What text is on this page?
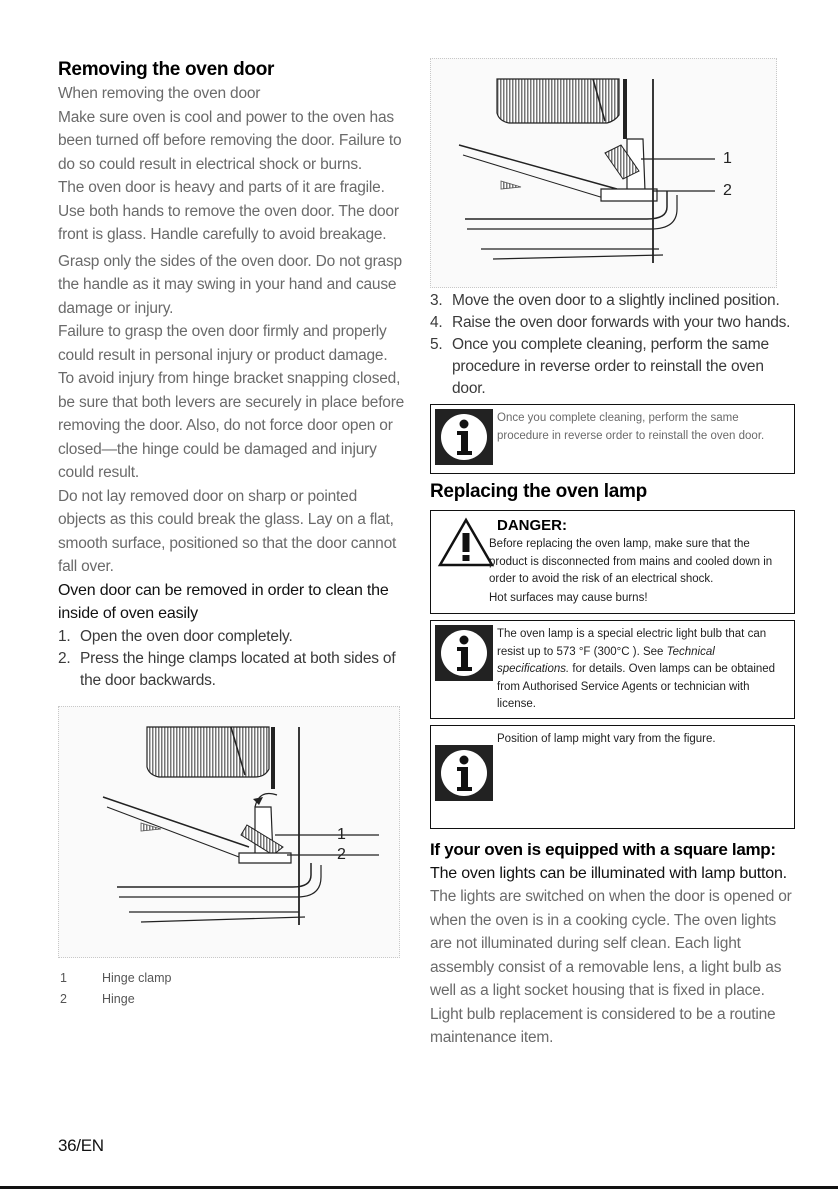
Removing the oven door

When removing the oven door

Make sure oven is cool and power to the oven has been turned off before removing the door. Failure to do so could result in electrical shock or burns.

The oven door is heavy and parts of it are fragile. Use both hands to remove the oven door. The door front is glass. Handle carefully to avoid breakage.

Grasp only the sides of the oven door. Do not grasp the handle as it may swing in your hand and cause damage or injury.

Failure to grasp the oven door firmly and properly could result in personal injury or product damage.

To avoid injury from hinge bracket snapping closed, be sure that both levers are securely in place before removing the door. Also, do not force door open or closed—the hinge could be damaged and injury could result.

Do not lay removed door on sharp or pointed objects as this could break the glass. Lay on a flat, smooth surface, positioned so that the door cannot fall over.

Oven door can be removed in order to clean the inside of oven easily

1. Open the oven door completely.
2. Press the hinge clamps located at both sides of the door backwards.
1
2
1	Hinge clamp
2	Hinge
1
2
3. Move the oven door to a slightly inclined position.
4. Raise the oven door forwards with your two hands.
5. Once you complete cleaning, perform the same procedure in reverse order to reinstall the oven door.
Once you complete cleaning, perform the same procedure in reverse order to reinstall the oven door.
Replacing the oven lamp
DANGER:
Before replacing the oven lamp, make sure that the product is disconnected from mains and cooled down in order to avoid the risk of an electrical shock.
Hot surfaces may cause burns!
The oven lamp is a special electric light bulb that can resist up to 573 °F (300°C ). See Technical specifications. for details. Oven lamps can be obtained from Authorised Service Agents or technician with license.
Position of lamp might vary from the figure.
If your oven is equipped with a square lamp:

The oven lights can be illuminated with lamp button. The lights are switched on when the door is opened or when the oven is in a cooking cycle. The oven lights are not illuminated during self clean. Each light assembly consist of a removable lens, a light bulb as well as a light socket housing that is fixed in place. Light bulb replacement is considered to be a routine maintenance item.

36/EN
